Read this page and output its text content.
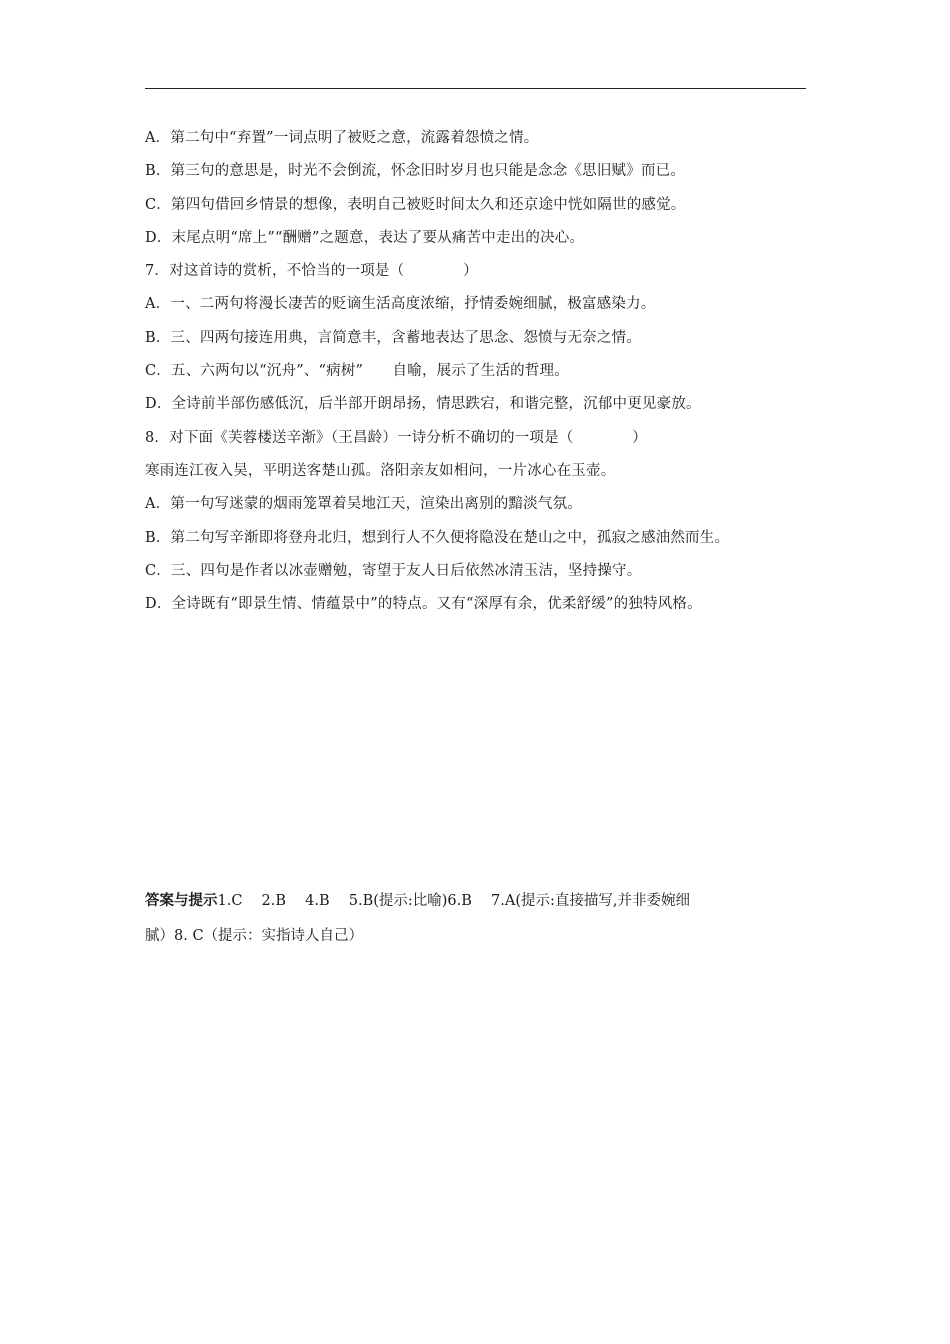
A．第二句中“弃置”一词点明了被贬之意，流露着怨愤之情。
B．第三句的意思是，时光不会倒流，怀念旧时岁月也只能是念念《思旧赋》而已。
C．第四句借回乡情景的想像，表明自己被贬时间太久和还京途中恍如隔世的感觉。
D．末尾点明“席上”“酬赠”之题意，表达了要从痛苦中走出的决心。
7．对这首诗的赏析，不恰当的一项是（　　　　）
A．一、二两句将漫长凄苦的贬谪生活高度浓缩，抒情委婉细腻，极富感染力。
B．三、四两句接连用典，言简意丰，含蓄地表达了思念、怨愤与无奈之情。
C．五、六两句以“沉舟”、“病树”　　自喻，展示了生活的哲理。
D．全诗前半部伤感低沉，后半部开朗昂扬，情思跌宕，和谐完整，沉郁中更见豪放。
8．对下面《芙蓉楼送辛渐》（王昌龄）一诗分析不确切的一项是（　　　　）
寒雨连江夜入吴，平明送客楚山孤。洛阳亲友如相问，一片冰心在玉壶。
A．第一句写迷蒙的烟雨笼罩着吴地江天，渲染出离别的黯淡气氛。
B．第二句写辛渐即将登舟北归，想到行人不久便将隐没在楚山之中，孤寂之感油然而生。
C．三、四句是作者以冰壶赠勉，寄望于友人日后依然冰清玉洁，坚持操守。
D．全诗既有“即景生情、情蕴景中”的特点。又有“深厚有余，优柔舒缓”的独特风格。
答案与提示1.C　 2.B　 4.B　 5.B(提示:比喻)6.B　 7.A(提示:直接描写,并非委婉细
腻）8. C（提示：实指诗人自己）
